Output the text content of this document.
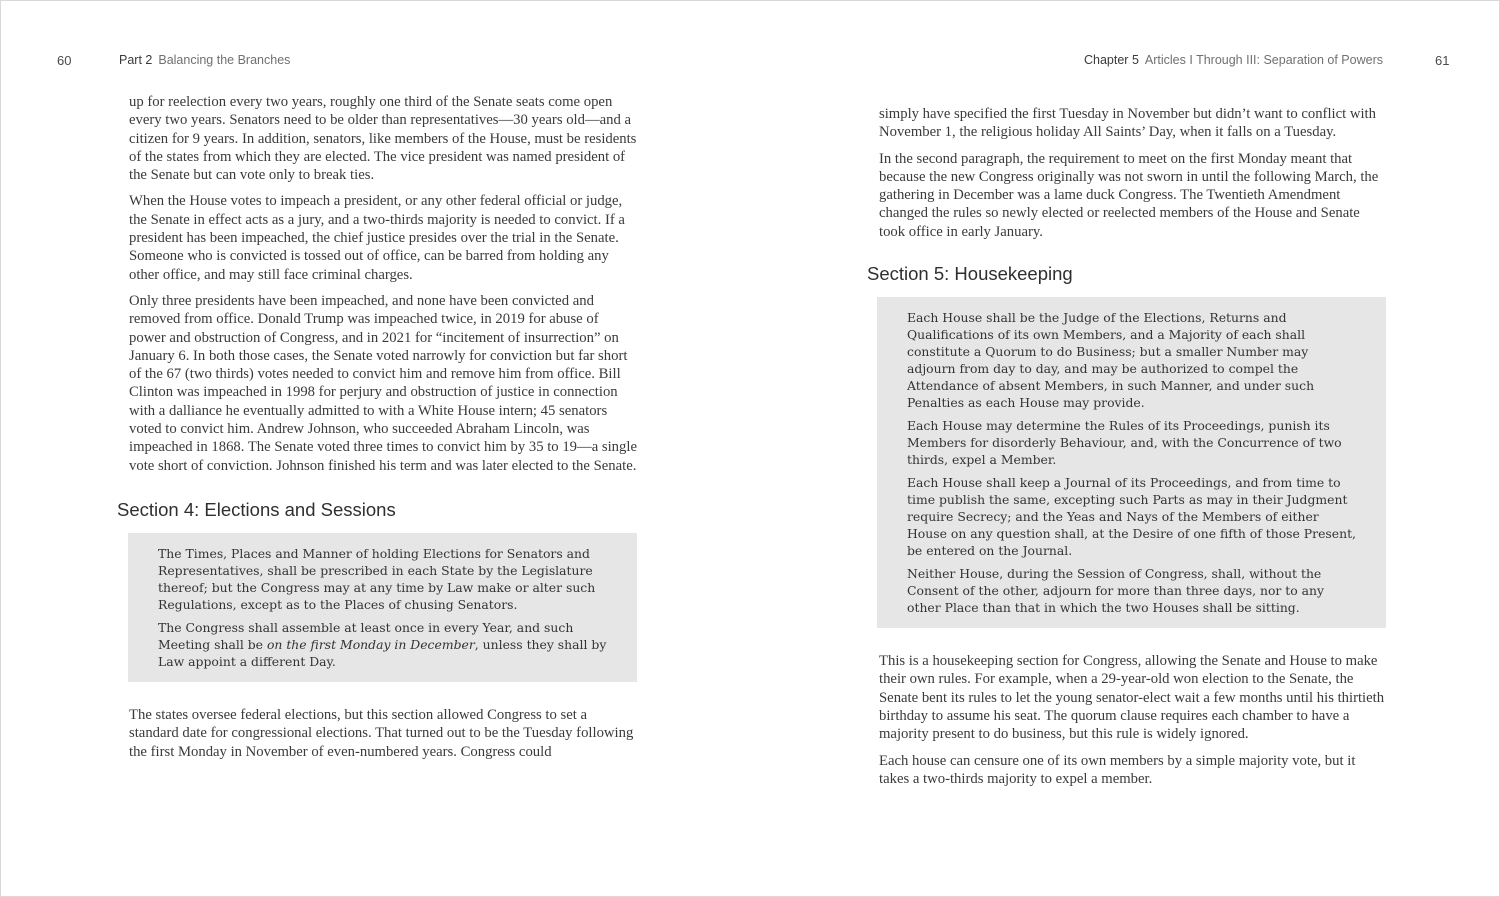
60	Part 2 Balancing the Branches	Chapter 5 Articles I Through III: Separation of Powers	61

up for reelection every two years, roughly one third of the Senate seats come open every two years. Senators need to be older than representatives—30 years old—and a citizen for 9 years. In addition, senators, like members of the House, must be residents of the states from which they are elected. The vice president was named president of the Senate but can vote only to break ties.

When the House votes to impeach a president, or any other federal official or judge, the Senate in effect acts as a jury, and a two-thirds majority is needed to convict. If a president has been impeached, the chief justice presides over the trial in the Senate. Someone who is convicted is tossed out of office, can be barred from holding any other office, and may still face criminal charges.

Only three presidents have been impeached, and none have been convicted and removed from office. Donald Trump was impeached twice, in 2019 for abuse of power and obstruction of Congress, and in 2021 for “incitement of insurrection” on January 6. In both those cases, the Senate voted narrowly for conviction but far short of the 67 (two thirds) votes needed to convict him and remove him from office. Bill Clinton was impeached in 1998 for perjury and obstruction of justice in connection with a dalliance he eventually admitted to with a White House intern; 45 senators voted to convict him. Andrew Johnson, who succeeded Abraham Lincoln, was impeached in 1868. The Senate voted three times to convict him by 35 to 19—a single vote short of conviction. Johnson finished his term and was later elected to the Senate.

Section 4: Elections and Sessions

The Times, Places and Manner of holding Elections for Senators and Representatives, shall be prescribed in each State by the Legislature thereof; but the Congress may at any time by Law make or alter such Regulations, except as to the Places of chusing Senators.

The Congress shall assemble at least once in every Year, and such Meeting shall be on the first Monday in December, unless they shall by Law appoint a different Day.

The states oversee federal elections, but this section allowed Congress to set a standard date for congressional elections. That turned out to be the Tuesday following the first Monday in November of even-numbered years. Congress could

simply have specified the first Tuesday in November but didn’t want to conflict with November 1, the religious holiday All Saints’ Day, when it falls on a Tuesday.

In the second paragraph, the requirement to meet on the first Monday meant that because the new Congress originally was not sworn in until the following March, the gathering in December was a lame duck Congress. The Twentieth Amendment changed the rules so newly elected or reelected members of the House and Senate took office in early January.

Section 5: Housekeeping

Each House shall be the Judge of the Elections, Returns and Qualifications of its own Members, and a Majority of each shall constitute a Quorum to do Business; but a smaller Number may adjourn from day to day, and may be authorized to compel the Attendance of absent Members, in such Manner, and under such Penalties as each House may provide.

Each House may determine the Rules of its Proceedings, punish its Members for disorderly Behaviour, and, with the Concurrence of two thirds, expel a Member.

Each House shall keep a Journal of its Proceedings, and from time to time publish the same, excepting such Parts as may in their Judgment require Secrecy; and the Yeas and Nays of the Members of either House on any question shall, at the Desire of one fifth of those Present, be entered on the Journal.

Neither House, during the Session of Congress, shall, without the Consent of the other, adjourn for more than three days, nor to any other Place than that in which the two Houses shall be sitting.

This is a housekeeping section for Congress, allowing the Senate and House to make their own rules. For example, when a 29-year-old won election to the Senate, the Senate bent its rules to let the young senator-elect wait a few months until his thirtieth birthday to assume his seat. The quorum clause requires each chamber to have a majority present to do business, but this rule is widely ignored.

Each house can censure one of its own members by a simple majority vote, but it takes a two-thirds majority to expel a member.
